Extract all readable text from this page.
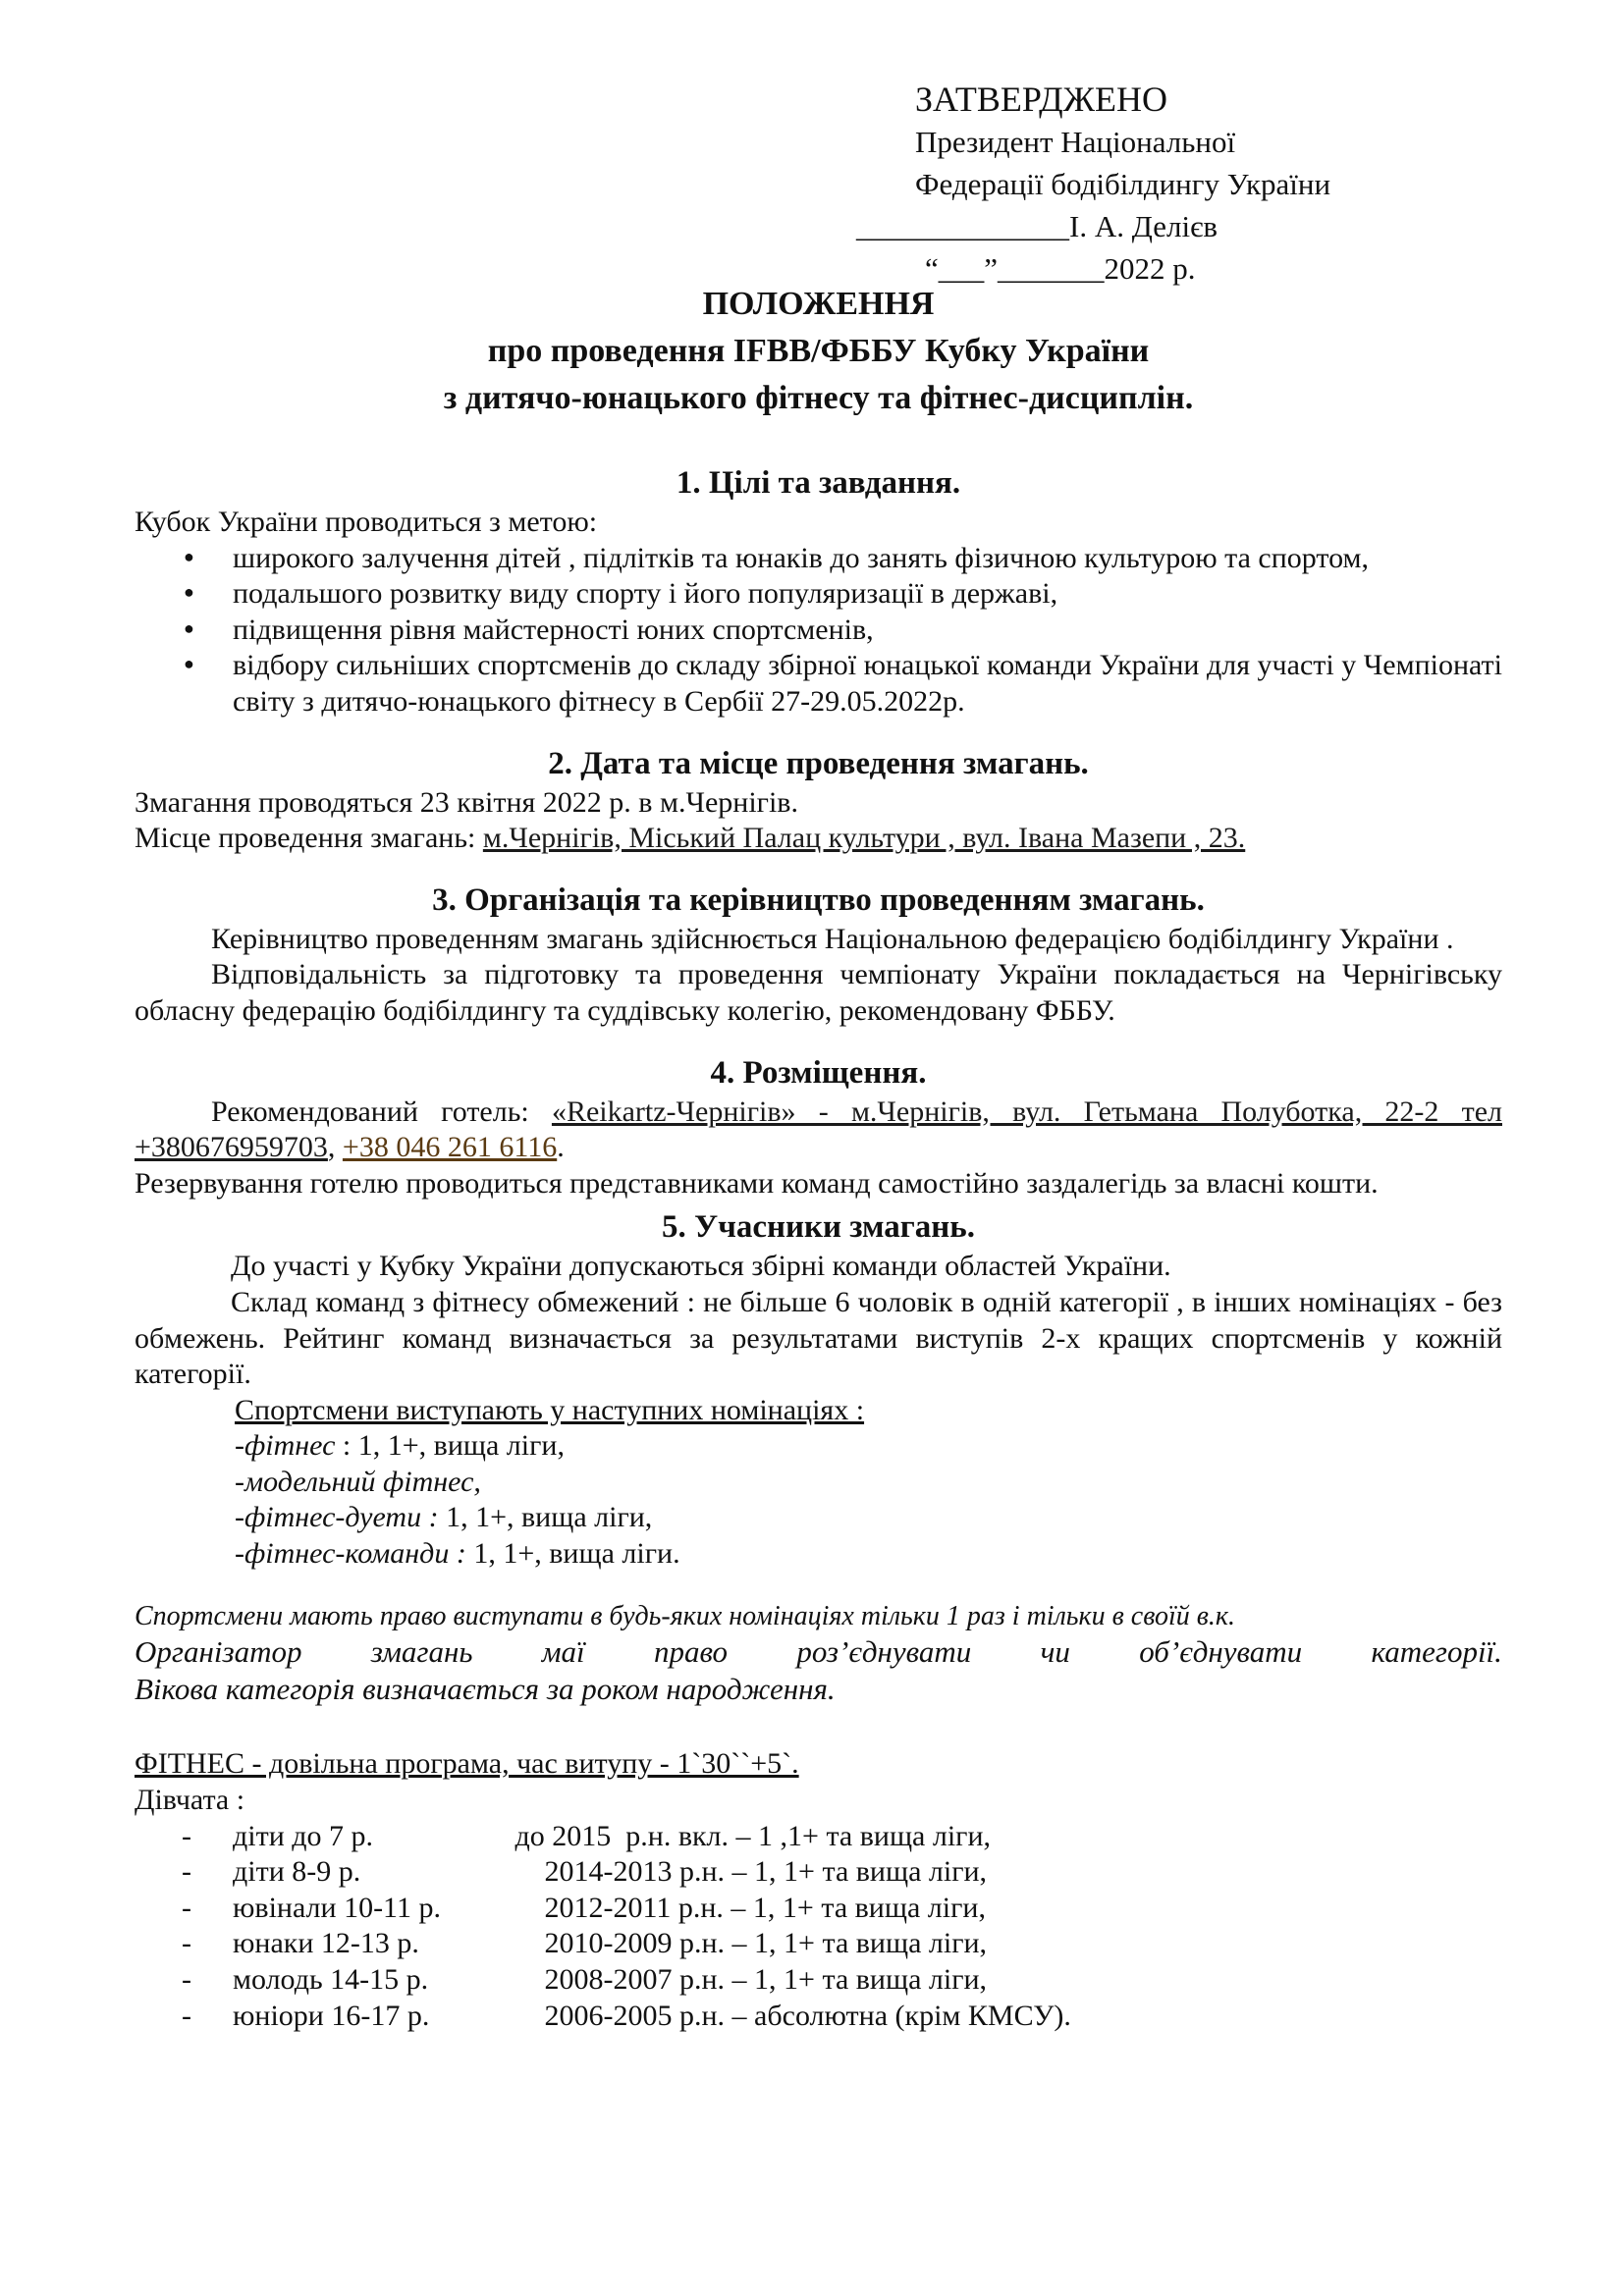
ЗАТВЕРДЖЕНО
Президент Національної
Федерації бодібілдингу України
______________І. А. Делієв
“___”_______2022 р.
ПОЛОЖЕННЯ
про проведення IFBB/ФББУ Кубку України
з дитячо-юнацького фітнесу та фітнес-дисциплін.
1. Цілі та завдання.

Кубок України проводиться з метою:

● широкого залучення дітей , підлітків та юнаків до занять фізичною культурою та спортом,
● подальшого розвитку виду спорту і його популяризації в державі,
● підвищення рівня майстерності юних спортсменів,
● відбору сильніших спортсменів до складу збірної юнацької команди України для участі у Чемпіонаті світу з дитячо-юнацького фітнесу в Сербії 27-29.05.2022р.
2. Дата та місце проведення змагань.

Змагання проводяться 23 квітня 2022 р. в м.Чернігів.

Місце проведення змагань: м.Чернігів, Міський Палац культури , вул. Івана Мазепи , 23.

3. Організація та керівництво проведенням змагань.

Керівництво проведенням змагань здійснюється Національною федерацією бодібілдингу України .

Відповідальність за підготовку та проведення чемпіонату України покладається на Чернігівську обласну федерацію бодібілдингу та суддівську колегію, рекомендовану ФББУ.

4. Розміщення.

Рекомендований готель: «Reikartz-Чернігів» - м.Чернігів, вул. Гетьмана Полуботка, 22-2 тел +380676959703, +38 046 261 6116.

Резервування готелю проводиться представниками команд самостійно заздалегідь за власні кошти.

5. Учасники змагань.

До участі у Кубку України допускаються збірні команди областей України.

Склад команд з фітнесу обмежений : не більше 6 чоловік в одній категорії , в інших номінаціях - без обмежень. Рейтинг команд визначається за результатами виступів 2-х кращих спортсменів у кожній категорії.

Спортсмени виступають у наступних номінаціях :
-фітнес : 1, 1+, вища ліги,
-модельний фітнес,
-фітнес-дуети : 1, 1+, вища ліги,
-фітнес-команди : 1, 1+, вища ліги.

Спортсмени мають право виступати в будь-яких номінаціях тільки 1 раз і тільки в своїй в.к.

Організатор змагань маї право роз’єднувати чи об’єднувати категорії.

Вікова категорія визначається за роком народження.

ФІТНЕС - довільна програма, час витупу - 1`30``+5`.

Дівчата :

-	діти до 7 р.	до 2015  р.н. вкл. – 1 ,1+ та вища ліги,
-	діти 8-9 р.	2014-2013 р.н. – 1, 1+ та вища ліги,
-	ювінали 10-11 р.	2012-2011 р.н. – 1, 1+ та вища ліги,
-	юнаки 12-13 р.	2010-2009 р.н. – 1, 1+ та вища ліги,
-	молодь 14-15 р.	2008-2007 р.н. – 1, 1+ та вища ліги,
-	юніори 16-17 р.	2006-2005 р.н. – абсолютна (крім КМСУ).
